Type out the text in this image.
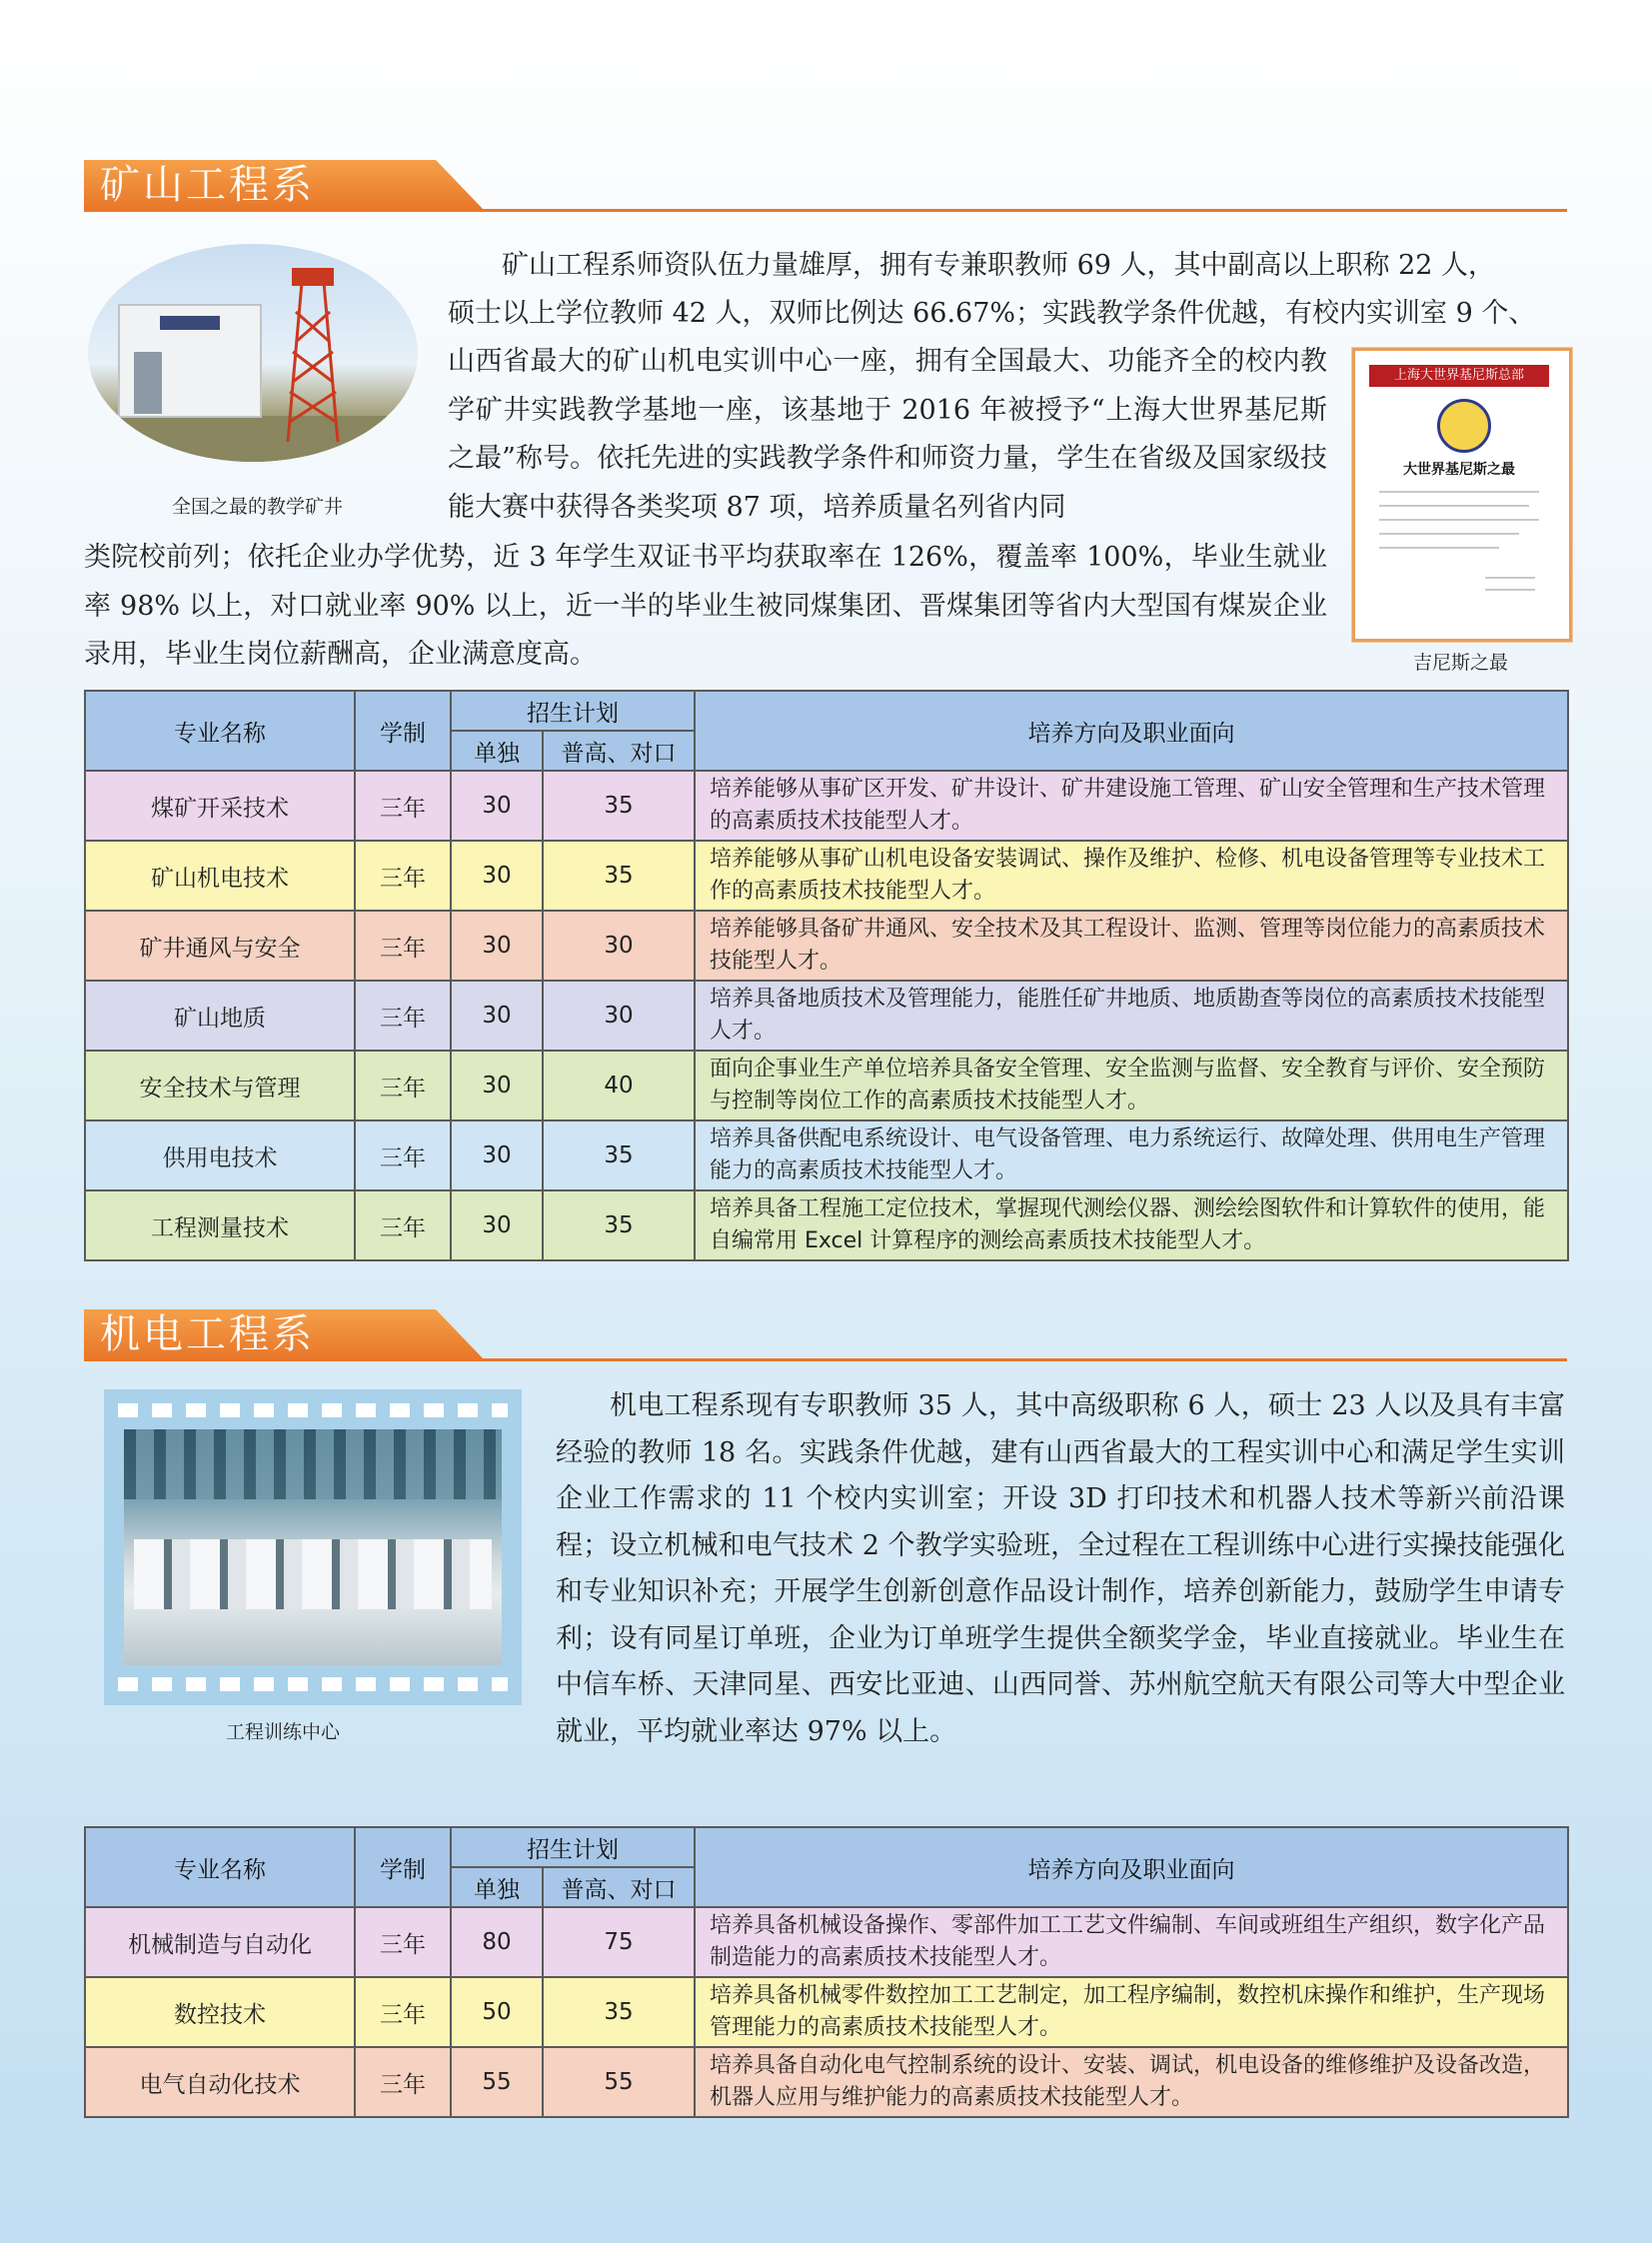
矿山工程系
全国之最的教学矿井

矿山工程系师资队伍力量雄厚，拥有专兼职教师 69 人，其中副高以上职称 22 人，

硕士以上学位教师 42 人，双师比例达 66.67%；实践教学条件优越，有校内实训室 9 个、

山西省最大的矿山机电实训中心一座，拥有全国最大、功能齐全的校内教学矿井实践教学基地一座，该基地于 2016 年被授予“上海大世界基尼斯之最”称号。依托先进的实践教学条件和师资力量，学生在省级及国家级技能大赛中获得各类奖项 87 项，培养质量名列省内同

类院校前列；依托企业办学优势，近 3 年学生双证书平均获取率在 126%，覆盖率 100%，毕业生就业率 98% 以上，对口就业率 90% 以上，近一半的毕业生被同煤集团、晋煤集团等省内大型国有煤炭企业录用，毕业生岗位薪酬高，企业满意度高。

上海大世界基尼斯总部
大世界基尼斯之最
吉尼斯之最
专业名称	学制	招生计划		培养方向及职业面向
		单独	普高、对口	
煤矿开采技术	三年	30	35	培养能够从事矿区开发、矿井设计、矿井建设施工管理、矿山安全管理和生产技术管理的高素质技术技能型人才。
矿山机电技术	三年	30	35	培养能够从事矿山机电设备安装调试、操作及维护、检修、机电设备管理等专业技术工作的高素质技术技能型人才。
矿井通风与安全	三年	30	30	培养能够具备矿井通风、安全技术及其工程设计、监测、管理等岗位能力的高素质技术技能型人才。
矿山地质	三年	30	30	培养具备地质技术及管理能力，能胜任矿井地质、地质勘查等岗位的高素质技术技能型人才。
安全技术与管理	三年	30	40	面向企事业生产单位培养具备安全管理、安全监测与监督、安全教育与评价、安全预防与控制等岗位工作的高素质技术技能型人才。
供用电技术	三年	30	35	培养具备供配电系统设计、电气设备管理、电力系统运行、故障处理、供用电生产管理能力的高素质技术技能型人才。
工程测量技术	三年	30	35	培养具备工程施工定位技术，掌握现代测绘仪器、测绘绘图软件和计算软件的使用，能自编常用 Excel 计算程序的测绘高素质技术技能型人才。
机电工程系
工程训练中心

机电工程系现有专职教师 35 人，其中高级职称 6 人，硕士 23 人以及具有丰富经验的教师 18 名。实践条件优越，建有山西省最大的工程实训中心和满足学生实训企业工作需求的 11 个校内实训室；开设 3D 打印技术和机器人技术等新兴前沿课程；设立机械和电气技术 2 个教学实验班，全过程在工程训练中心进行实操技能强化和专业知识补充；开展学生创新创意作品设计制作，培养创新能力，鼓励学生申请专利；设有同星订单班，企业为订单班学生提供全额奖学金，毕业直接就业。毕业生在中信车桥、天津同星、西安比亚迪、山西同誉、苏州航空航天有限公司等大中型企业就业，平均就业率达 97% 以上。

专业名称	学制	招生计划		培养方向及职业面向
		单独	普高、对口	
机械制造与自动化	三年	80	75	培养具备机械设备操作、零部件加工工艺文件编制、车间或班组生产组织，数字化产品制造能力的高素质技术技能型人才。
数控技术	三年	50	35	培养具备机械零件数控加工工艺制定，加工程序编制，数控机床操作和维护，生产现场管理能力的高素质技术技能型人才。
电气自动化技术	三年	55	55	培养具备自动化电气控制系统的设计、安装、调试，机电设备的维修维护及设备改造，机器人应用与维护能力的高素质技术技能型人才。
